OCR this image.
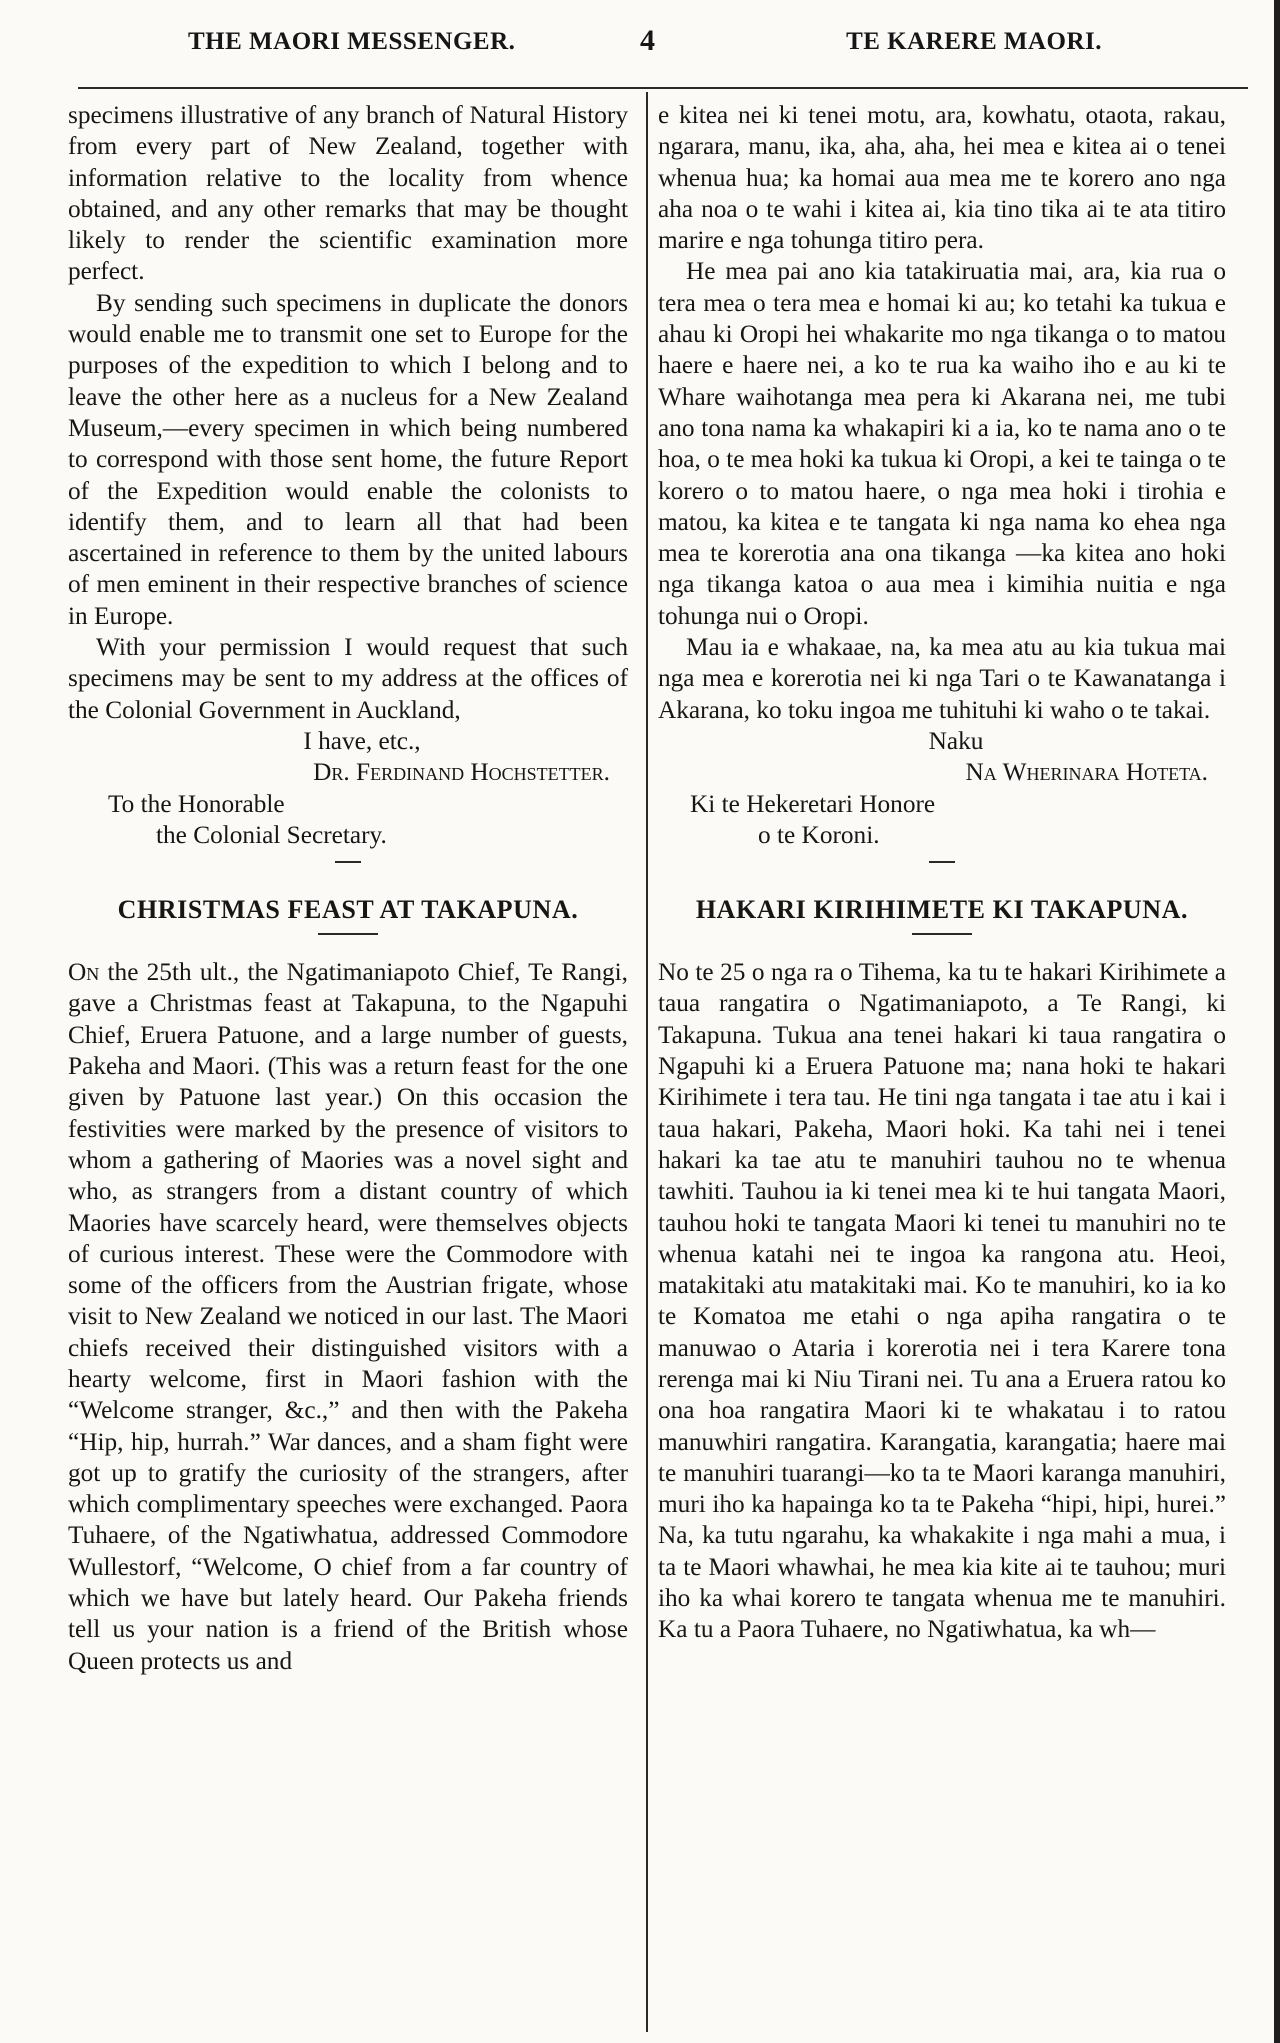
THE MAORI MESSENGER.	4	TE KARERE MAORI.

specimens illustrative of any branch of Natural History from every part of New Zealand, together with information relative to the locality from whence obtained, and any other remarks that may be thought likely to render the scientific examination more perfect.

By sending such specimens in duplicate the donors would enable me to transmit one set to Europe for the purposes of the expedition to which I belong and to leave the other here as a nucleus for a New Zealand Museum,—every specimen in which being numbered to correspond with those sent home, the future Report of the Expedition would enable the colonists to identify them, and to learn all that had been ascertained in reference to them by the united labours of men eminent in their respective branches of science in Europe.

With your permission I would request that such specimens may be sent to my address at the offices of the Colonial Government in Auckland,

I have, etc.,

Dr. Ferdinand Hochstetter.

To the Honorable

the Colonial Secretary.

CHRISTMAS FEAST AT TAKAPUNA.

On the 25th ult., the Ngatimaniapoto Chief, Te Rangi, gave a Christmas feast at Takapuna, to the Ngapuhi Chief, Eruera Patuone, and a large number of guests, Pakeha and Maori. (This was a return feast for the one given by Patuone last year.) On this occasion the festivities were marked by the presence of visitors to whom a gathering of Maories was a novel sight and who, as strangers from a distant country of which Maories have scarcely heard, were themselves objects of curious interest. These were the Commodore with some of the officers from the Austrian frigate, whose visit to New Zealand we noticed in our last. The Maori chiefs received their distinguished visitors with a hearty welcome, first in Maori fashion with the “Welcome stranger, &c.,” and then with the Pakeha “Hip, hip, hurrah.” War dances, and a sham fight were got up to gratify the curiosity of the strangers, after which complimentary speeches were exchanged. Paora Tuhaere, of the Ngatiwhatua, addressed Commodore Wullestorf, “Welcome, O chief from a far country of which we have but lately heard. Our Pakeha friends tell us your nation is a friend of the British whose Queen protects us and

e kitea nei ki tenei motu, ara, kowhatu, otaota, rakau, ngarara, manu, ika, aha, aha, hei mea e kitea ai o tenei whenua hua; ka homai aua mea me te korero ano nga aha noa o te wahi i kitea ai, kia tino tika ai te ata titiro marire e nga tohunga titiro pera.

He mea pai ano kia tatakiruatia mai, ara, kia rua o tera mea o tera mea e homai ki au; ko tetahi ka tukua e ahau ki Oropi hei whakarite mo nga tikanga o to matou haere e haere nei, a ko te rua ka waiho iho e au ki te Whare waihotanga mea pera ki Akarana nei, me tubi ano tona nama ka whakapiri ki a ia, ko te nama ano o te hoa, o te mea hoki ka tukua ki Oropi, a kei te tainga o te korero o to matou haere, o nga mea hoki i tirohia e matou, ka kitea e te tangata ki nga nama ko ehea nga mea te korerotia ana ona tikanga —ka kitea ano hoki nga tikanga katoa o aua mea i kimihia nuitia e nga tohunga nui o Oropi.

Mau ia e whakaae, na, ka mea atu au kia tukua mai nga mea e korerotia nei ki nga Tari o te Kawanatanga i Akarana, ko toku ingoa me tuhituhi ki waho o te takai.

Naku

Na Wherinara Hoteta.

Ki te Hekeretari Honore

o te Koroni.

HAKARI KIRIHIMETE KI TAKAPUNA.

No te 25 o nga ra o Tihema, ka tu te hakari Kirihimete a taua rangatira o Ngatimaniapoto, a Te Rangi, ki Takapuna. Tukua ana tenei hakari ki taua rangatira o Ngapuhi ki a Eruera Patuone ma; nana hoki te hakari Kirihimete i tera tau. He tini nga tangata i tae atu i kai i taua hakari, Pakeha, Maori hoki. Ka tahi nei i tenei hakari ka tae atu te manuhiri tauhou no te whenua tawhiti. Tauhou ia ki tenei mea ki te hui tangata Maori, tauhou hoki te tangata Maori ki tenei tu manuhiri no te whenua katahi nei te ingoa ka rangona atu. Heoi, matakitaki atu matakitaki mai. Ko te manuhiri, ko ia ko te Komatoa me etahi o nga apiha rangatira o te manuwao o Ataria i korerotia nei i tera Karere tona rerenga mai ki Niu Tirani nei. Tu ana a Eruera ratou ko ona hoa rangatira Maori ki te whakatau i to ratou manuwhiri rangatira. Karangatia, karangatia; haere mai te manuhiri tuarangi—ko ta te Maori karanga manuhiri, muri iho ka hapainga ko ta te Pakeha “hipi, hipi, hurei.” Na, ka tutu ngarahu, ka whakakite i nga mahi a mua, i ta te Maori whawhai, he mea kia kite ai te tauhou; muri iho ka whai korero te tangata whenua me te manuhiri. Ka tu a Paora Tuhaere, no Ngatiwhatua, ka wh—
